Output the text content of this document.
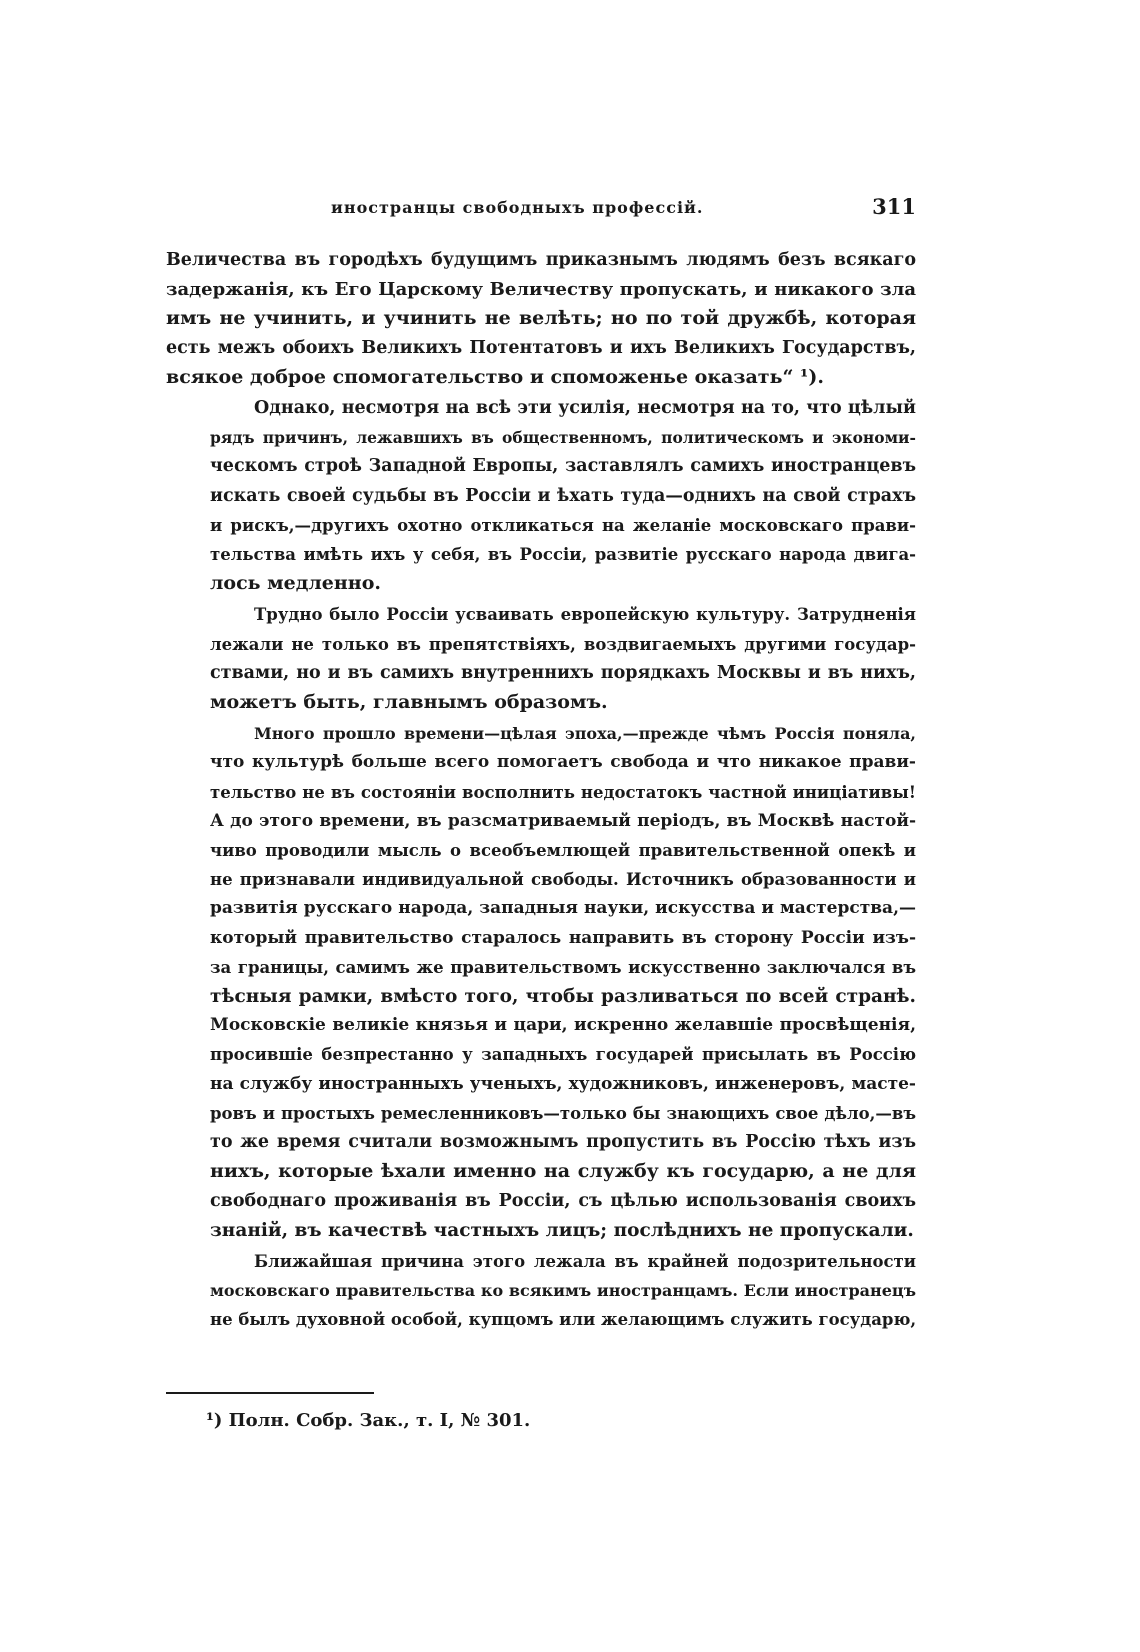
иностранцы свободныхъ профессій.	311

Величества въ городѣхъ будущимъ приказнымъ людямъ безъ всякаго
задержанія, къ Его Царскому Величеству пропускать, и никакого зла
имъ не учинить, и учинить не велѣть; но по той дружбѣ, которая
есть межъ обоихъ Великихъ Потентатовъ и ихъ Великихъ Государствъ,
всякое доброе спомогательство и споможенье оказать“ ¹).

Однако, несмотря на всѣ эти усилія, несмотря на то, что цѣлый
рядъ причинъ, лежавшихъ въ общественномъ, политическомъ и экономи-
ческомъ строѣ Западной Европы, заставлялъ самихъ иностранцевъ
искать своей судьбы въ Россіи и ѣхать туда—однихъ на свой страхъ
и рискъ,—другихъ охотно откликаться на желаніе московскаго прави-
тельства имѣть ихъ у себя, въ Россіи, развитіе русскаго народа двига-
лось медленно.

Трудно было Россіи усваивать европейскую культуру. Затрудненія
лежали не только въ препятствіяхъ, воздвигаемыхъ другими государ-
ствами, но и въ самихъ внутреннихъ порядкахъ Москвы и въ нихъ,
можетъ быть, главнымъ образомъ.

Много прошло времени—цѣлая эпоха,—прежде чѣмъ Россія поняла,
что культурѣ больше всего помогаетъ свобода и что никакое прави-
тельство не въ состояніи восполнить недостатокъ частной иниціативы!
А до этого времени, въ разсматриваемый періодъ, въ Москвѣ настой-
чиво проводили мысль о всеобъемлющей правительственной опекѣ и
не признавали индивидуальной свободы. Источникъ образованности и
развитія русскаго народа, западныя науки, искусства и мастерства,—
который правительство старалось направить въ сторону Россіи изъ-
за границы, самимъ же правительствомъ искусственно заключался въ
тѣсныя рамки, вмѣсто того, чтобы разливаться по всей странѣ.
Московскіе великіе князья и цари, искренно желавшіе просвѣщенія,
просившіе безпрестанно у западныхъ государей присылать въ Россію
на службу иностранныхъ ученыхъ, художниковъ, инженеровъ, масте-
ровъ и простыхъ ремесленниковъ—только бы знающихъ свое дѣло,—въ
то же время считали возможнымъ пропустить въ Россію тѣхъ изъ
нихъ, которые ѣхали именно на службу къ государю, а не для
свободнаго проживанія въ Россіи, съ цѣлью использованія своихъ
знаній, въ качествѣ частныхъ лицъ; послѣднихъ не пропускали.

Ближайшая причина этого лежала въ крайней подозрительности
московскаго правительства ко всякимъ иностранцамъ. Если иностранецъ
не былъ духовной особой, купцомъ или желающимъ служить государю,

¹) Полн. Собр. Зак., т. I, № 301.
